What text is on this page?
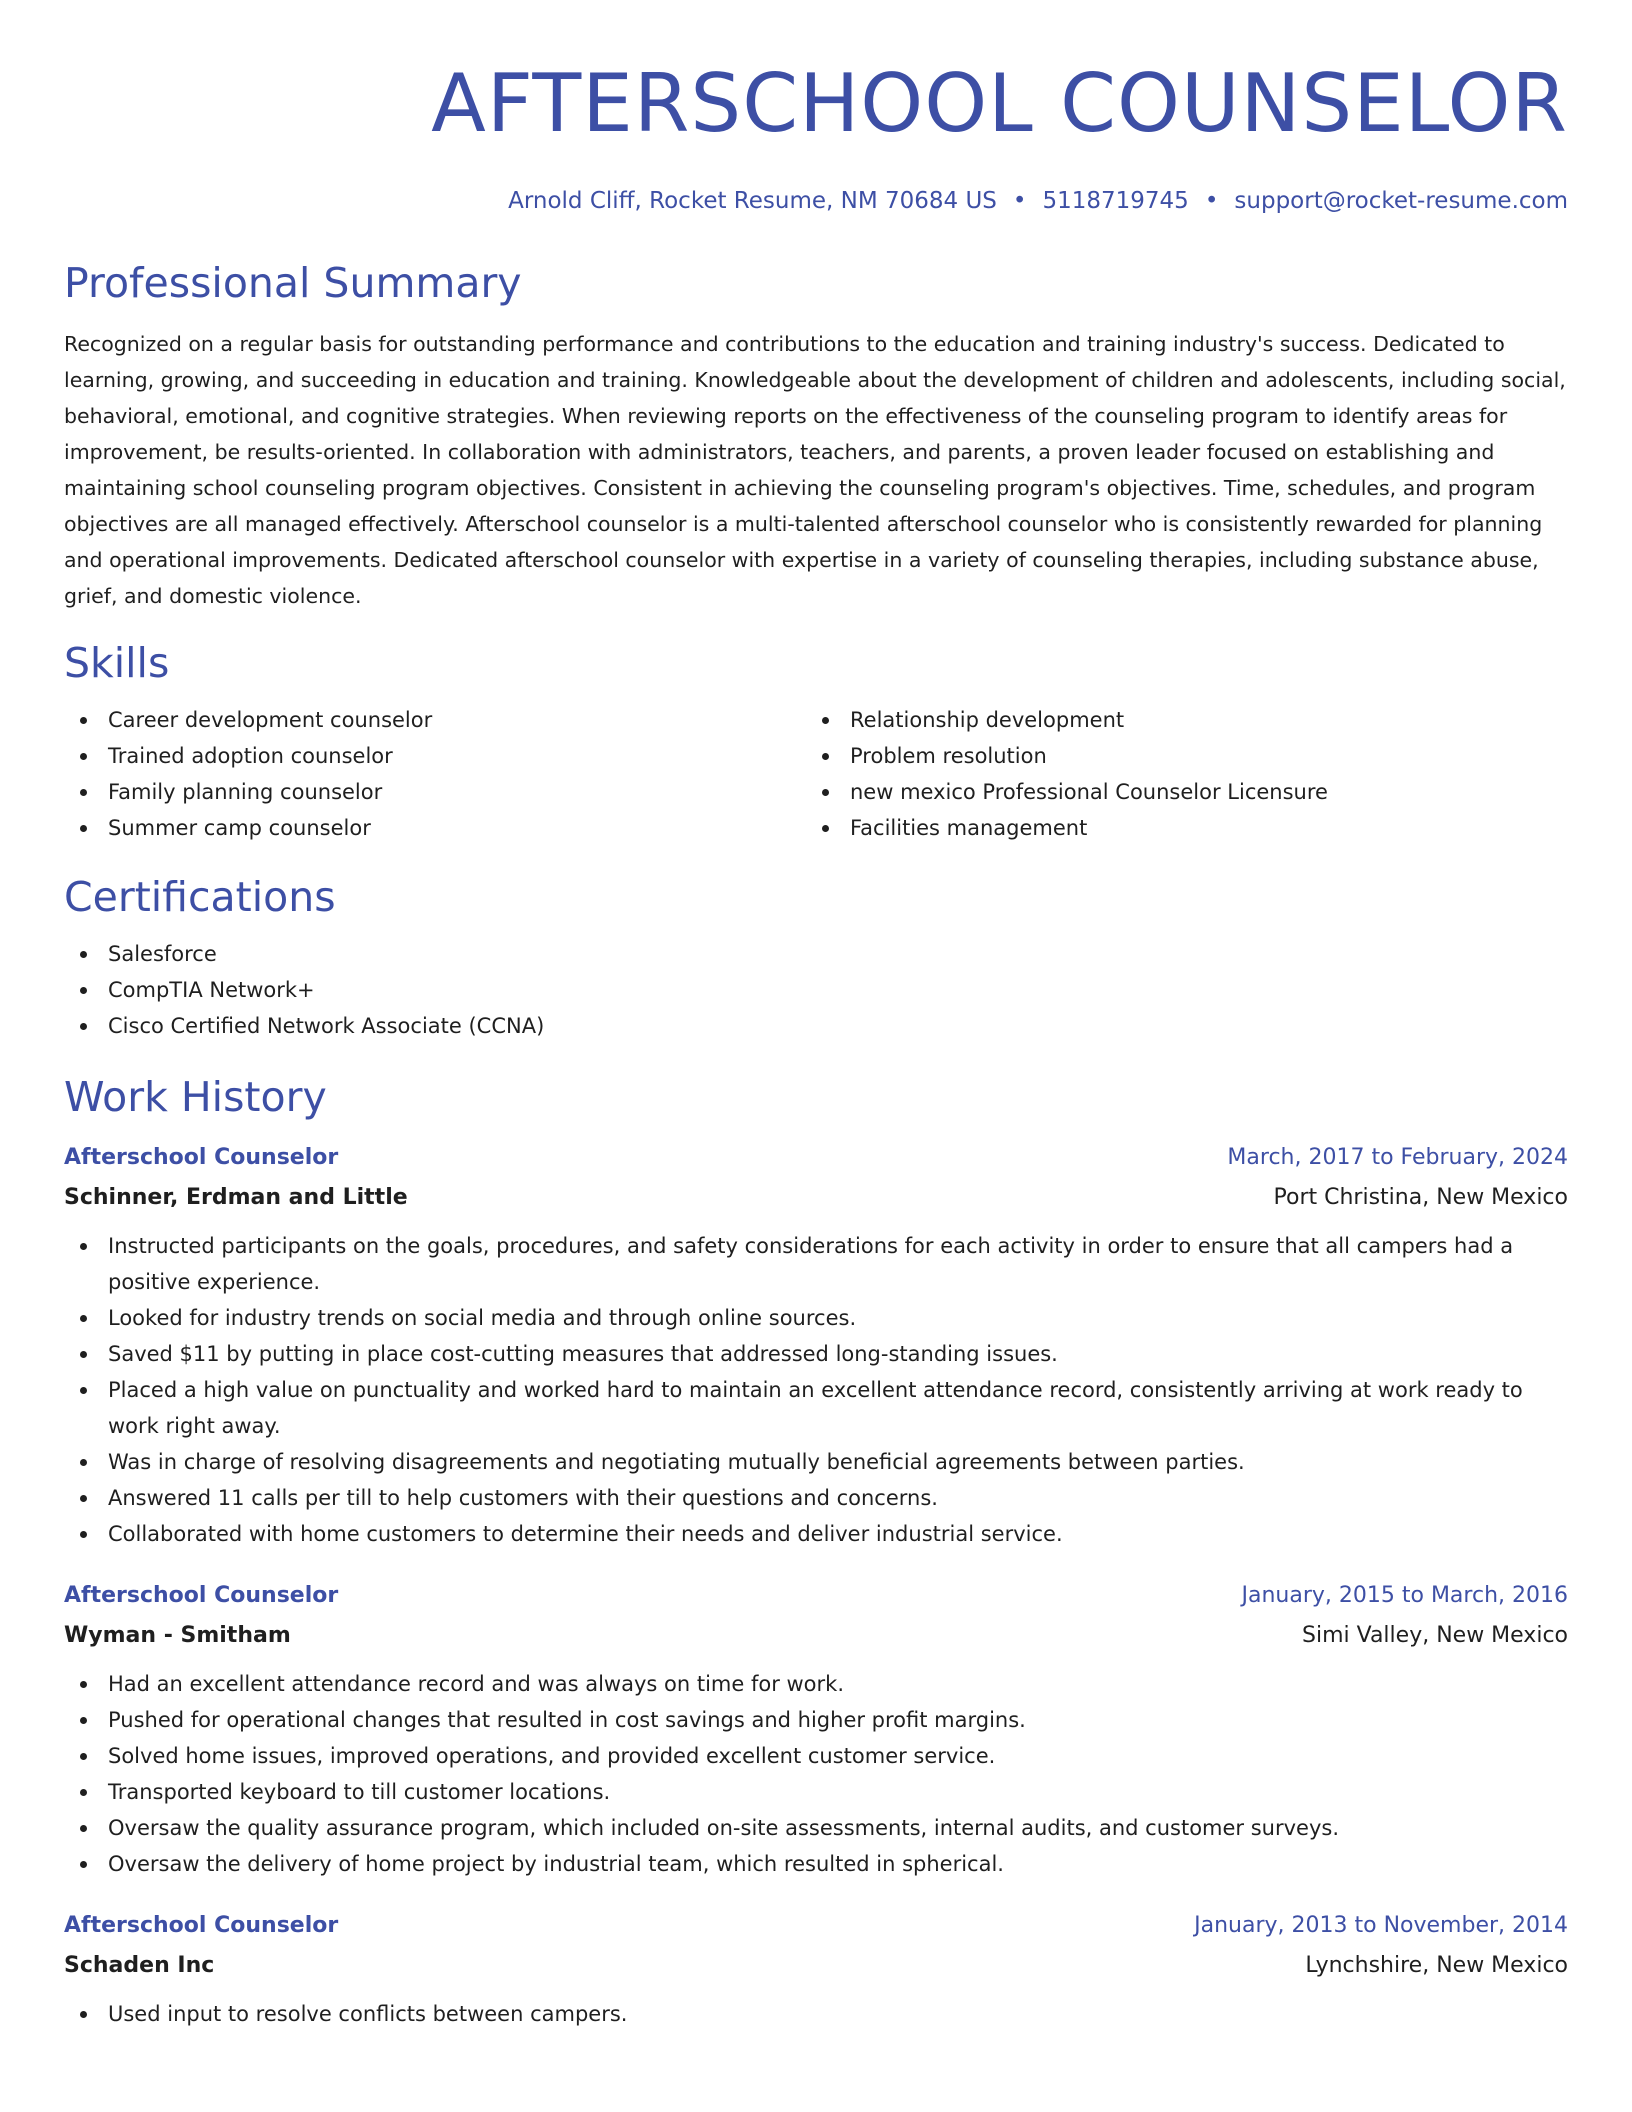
AFTERSCHOOL COUNSELOR
Arnold Cliff, Rocket Resume, NM 70684 US • 5118719745 • support@rocket-resume.com
Professional Summary

Recognized on a regular basis for outstanding performance and contributions to the education and training industry's success. Dedicated to learning, growing, and succeeding in education and training. Knowledgeable about the development of children and adolescents, including social, behavioral, emotional, and cognitive strategies. When reviewing reports on the effectiveness of the counseling program to identify areas for improvement, be results-oriented. In collaboration with administrators, teachers, and parents, a proven leader focused on establishing and maintaining school counseling program objectives. Consistent in achieving the counseling program's objectives. Time, schedules, and program objectives are all managed effectively. Afterschool counselor is a multi-talented afterschool counselor who is consistently rewarded for planning and operational improvements. Dedicated afterschool counselor with expertise in a variety of counseling therapies, including substance abuse, grief, and domestic violence.

Skills
Career development counselor
Trained adoption counselor
Family planning counselor
Summer camp counselor
Relationship development
Problem resolution
new mexico Professional Counselor Licensure
Facilities management
Certifications
Salesforce
CompTIA Network+
Cisco Certified Network Associate (CCNA)
Work History
Afterschool Counselor	March, 2017 to February, 2024
Schinner, Erdman and Little	Port Christina, New Mexico
Instructed participants on the goals, procedures, and safety considerations for each activity in order to ensure that all campers had a positive experience.
Looked for industry trends on social media and through online sources.
Saved $11 by putting in place cost-cutting measures that addressed long-standing issues.
Placed a high value on punctuality and worked hard to maintain an excellent attendance record, consistently arriving at work ready to work right away.
Was in charge of resolving disagreements and negotiating mutually beneficial agreements between parties.
Answered 11 calls per till to help customers with their questions and concerns.
Collaborated with home customers to determine their needs and deliver industrial service.
Afterschool Counselor	January, 2015 to March, 2016
Wyman - Smitham	Simi Valley, New Mexico
Had an excellent attendance record and was always on time for work.
Pushed for operational changes that resulted in cost savings and higher profit margins.
Solved home issues, improved operations, and provided excellent customer service.
Transported keyboard to till customer locations.
Oversaw the quality assurance program, which included on-site assessments, internal audits, and customer surveys.
Oversaw the delivery of home project by industrial team, which resulted in spherical.
Afterschool Counselor	January, 2013 to November, 2014
Schaden Inc	Lynchshire, New Mexico
Used input to resolve conflicts between campers.
